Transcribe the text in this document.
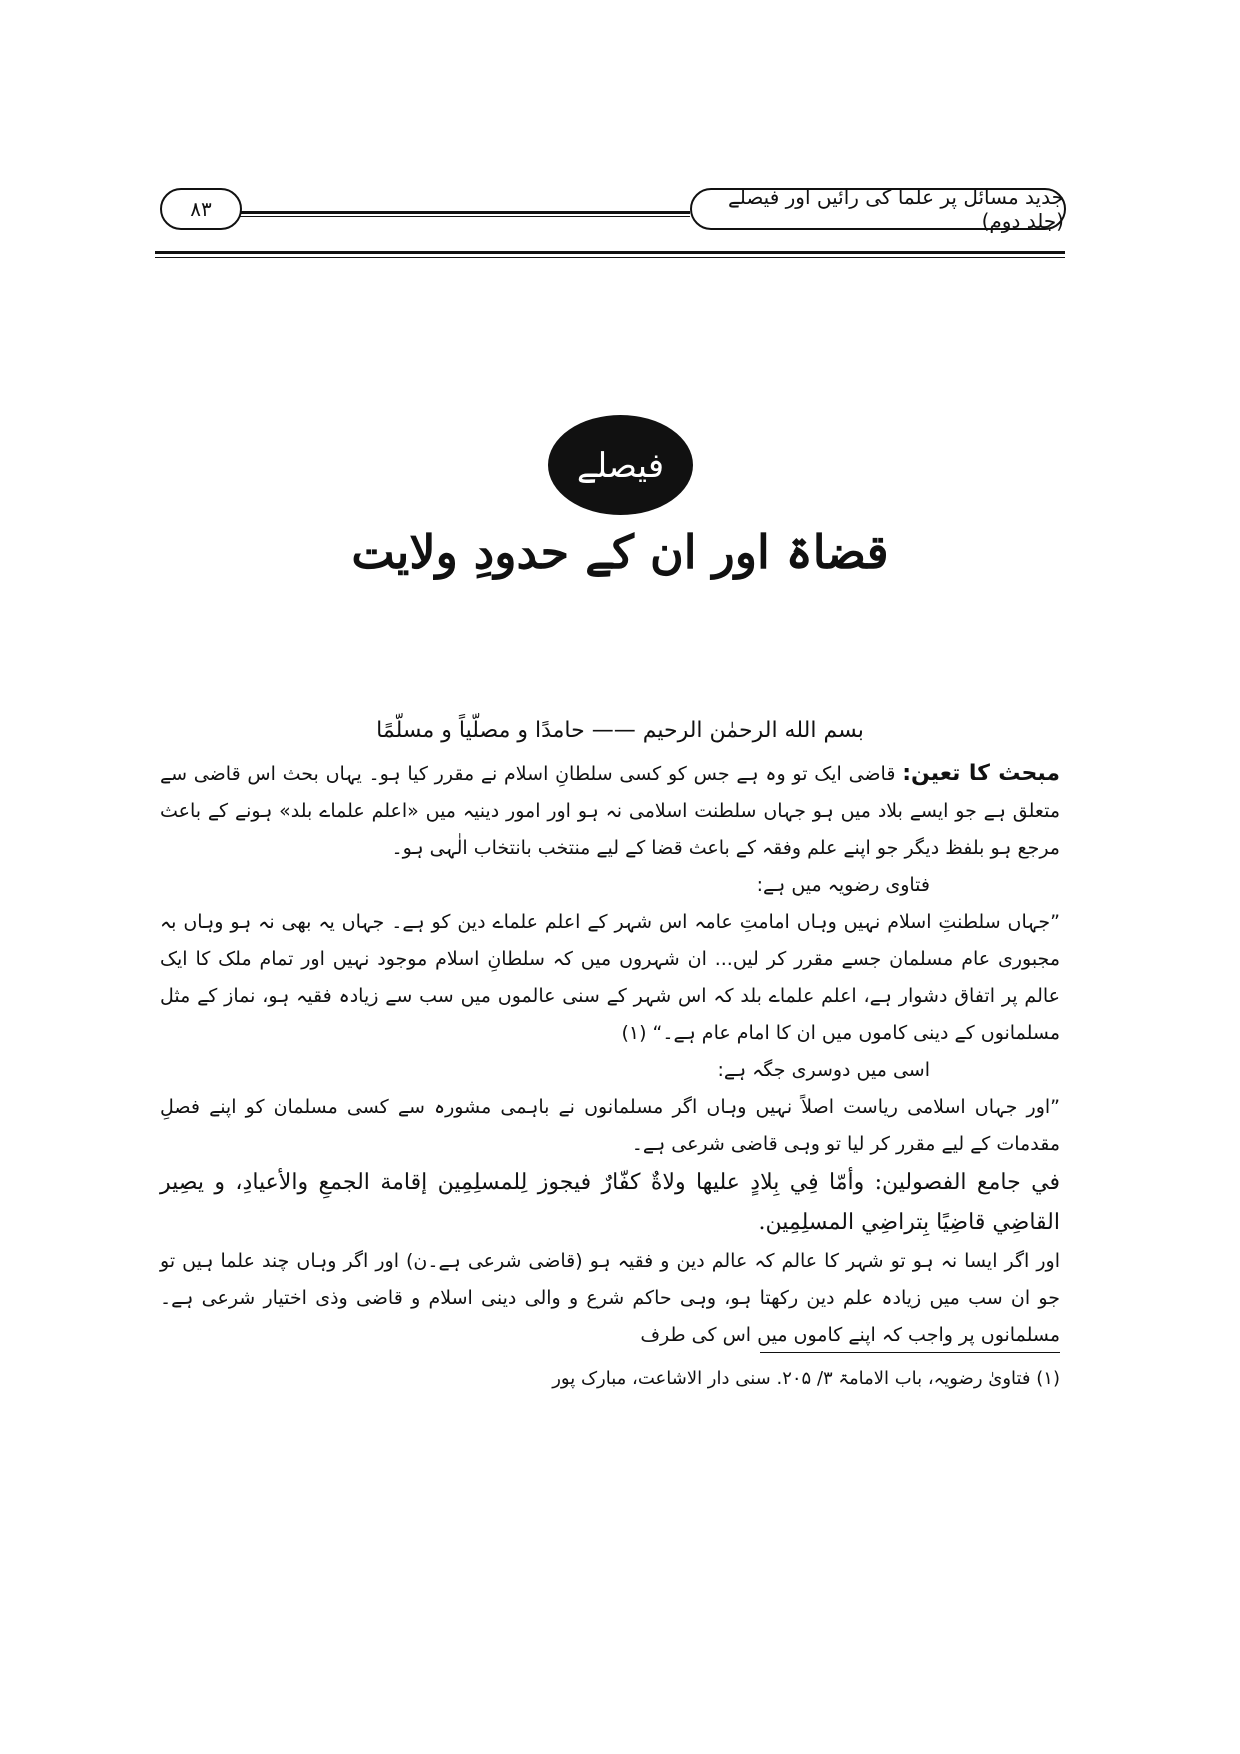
۸۳	جدید مسائل پر علما کی رائیں اور فیصلے (جلد دوم)
فیصلے
قضاۃ اور ان کے حدودِ ولایت
بسم الله الرحمٰن الرحیم —— حامدًا و مصلّیاً و مسلّمًا

مبحث کا تعین: قاضی ایک تو وہ ہے جس کو کسی سلطانِ اسلام نے مقرر کیا ہو۔ یہاں بحث اس قاضی سے متعلق ہے جو ایسے بلاد میں ہو جہاں سلطنت اسلامی نہ ہو اور امور دینیہ میں «اعلم علماے بلد» ہونے کے باعث مرجع ہو بلفظ دیگر جو اپنے علم وفقہ کے باعث قضا کے لیے منتخب بانتخاب الٰہی ہو۔

فتاوی رضویہ میں ہے:

”جہاں سلطنتِ اسلام نہیں وہاں امامتِ عامہ اس شہر کے اعلم علماے دین کو ہے۔ جہاں یہ بھی نہ ہو وہاں بہ مجبوری عام مسلمان جسے مقرر کر لیں... ان شہروں میں کہ سلطانِ اسلام موجود نہیں اور تمام ملک کا ایک عالم پر اتفاق دشوار ہے، اعلم علماے بلد کہ اس شہر کے سنی عالموں میں سب سے زیادہ فقیہ ہو، نماز کے مثل مسلمانوں کے دینی کاموں میں ان کا امام عام ہے۔“ (۱)

اسی میں دوسری جگہ ہے:

”اور جہاں اسلامی ریاست اصلاً نہیں وہاں اگر مسلمانوں نے باہمی مشورہ سے کسی مسلمان کو اپنے فصلِ مقدمات کے لیے مقرر کر لیا تو وہی قاضی شرعی ہے۔

في جامع الفصولين: وأمّا فِي بِلادٍ عليها ولاةٌ كفّارٌ فيجوز لِلمسلِمِين إقامة الجمعِ والأعيادِ، و يصِير القاضِي قاضِيًا بِتراضِي المسلِمِين.

اور اگر ایسا نہ ہو تو شہر کا عالم کہ عالم دین و فقیہ ہو (قاضی شرعی ہے۔ن) اور اگر وہاں چند علما ہیں تو جو ان سب میں زیادہ علم دین رکھتا ہو، وہی حاکم شرع و والی دینی اسلام و قاضی وذی اختیار شرعی ہے۔ مسلمانوں پر واجب کہ اپنے کاموں میں اس کی طرف

(۱) فتاویٰ رضویہ، باب الامامۃ ۳/ ۲۰۵. سنی دار الاشاعت، مبارک پور
